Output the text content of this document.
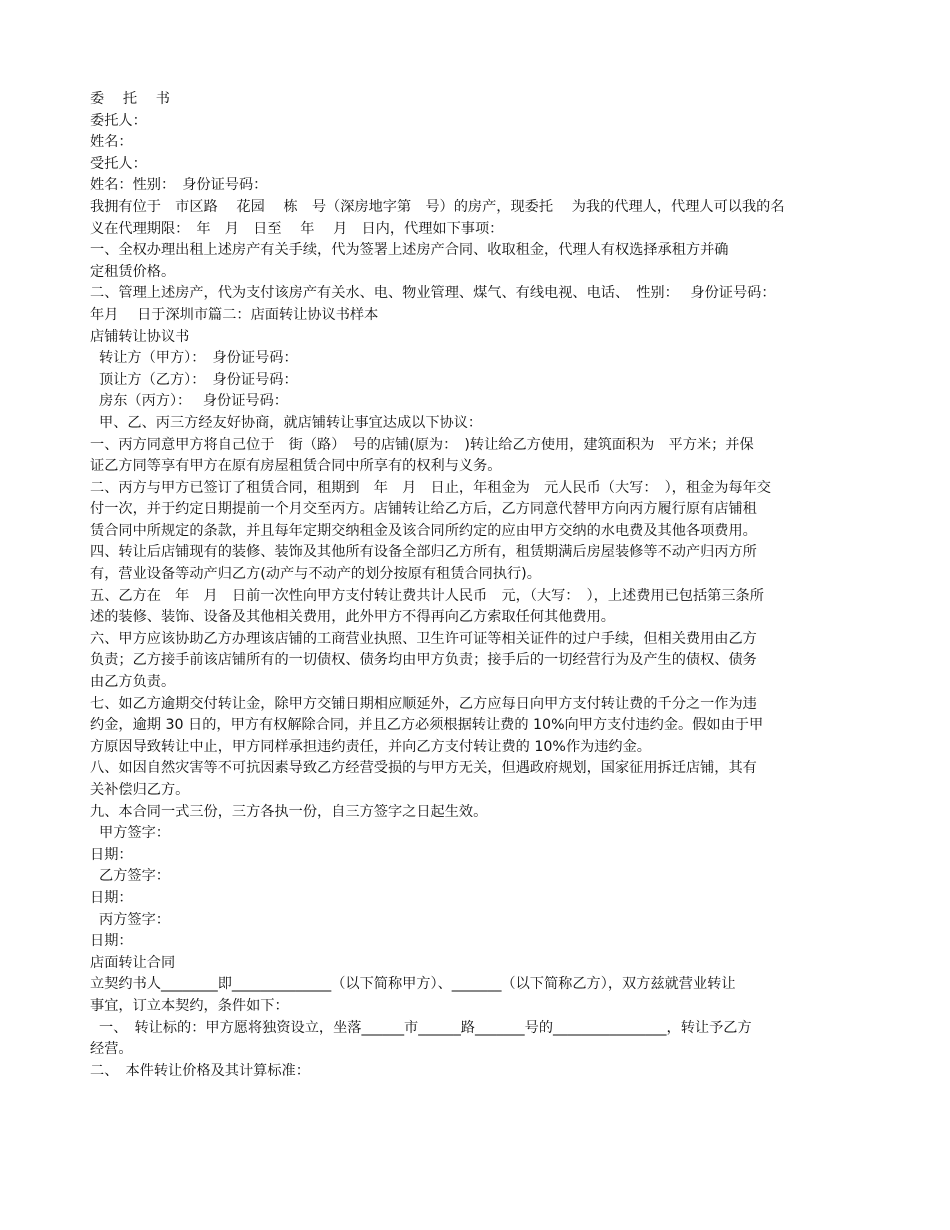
委　 托　 书
委托人：
姓名：
受托人：
姓名：性别：　身份证号码：
我拥有位于　市区路　 花园　 栋　号（深房地字第　号）的房产，现委托　 为我的代理人，代理人可以我的名
义在代理期限：　年　月　日至　 年　 月　日内，代理如下事项：
一、全权办理出租上述房产有关手续，代为签署上述房产合同、收取租金，代理人有权选择承租方并确
定租赁价格。
二、管理上述房产，代为支付该房产有关水、电、物业管理、煤气、有线电视、电话、　性别：　 身份证号码：
年月　 日于深圳市篇二：店面转让协议书样本
店铺转让协议书
转让方（甲方）：　身份证号码：
顶让方（乙方）：　身份证号码：
房东（丙方）：　 身份证号码：
甲、乙、丙三方经友好协商，就店铺转让事宜达成以下协议：
一、丙方同意甲方将自己位于　街（路）　号的店铺(原为：　)转让给乙方使用，建筑面积为　平方米；并保
证乙方同等享有甲方在原有房屋租赁合同中所享有的权利与义务。
二、丙方与甲方已签订了租赁合同，租期到　年　月　日止，年租金为　元人民币（大写：　），租金为每年交
付一次，并于约定日期提前一个月交至丙方。店铺转让给乙方后，乙方同意代替甲方向丙方履行原有店铺租
赁合同中所规定的条款，并且每年定期交纳租金及该合同所约定的应由甲方交纳的水电费及其他各项费用。
四、转让后店铺现有的装修、装饰及其他所有设备全部归乙方所有，租赁期满后房屋装修等不动产归丙方所
有，营业设备等动产归乙方(动产与不动产的划分按原有租赁合同执行)。
五、乙方在　年　月　日前一次性向甲方支付转让费共计人民币　元，（大写：　），上述费用已包括第三条所
述的装修、装饰、设备及其他相关费用，此外甲方不得再向乙方索取任何其他费用。
六、甲方应该协助乙方办理该店铺的工商营业执照、卫生许可证等相关证件的过户手续，但相关费用由乙方
负责；乙方接手前该店铺所有的一切债权、债务均由甲方负责；接手后的一切经营行为及产生的债权、债务
由乙方负责。
七、如乙方逾期交付转让金，除甲方交铺日期相应顺延外，乙方应每日向甲方支付转让费的千分之一作为违
约金，逾期 30 日的，甲方有权解除合同，并且乙方必须根据转让费的 10%向甲方支付违约金。假如由于甲
方原因导致转让中止，甲方同样承担违约责任，并向乙方支付转让费的 10%作为违约金。
八、如因自然灾害等不可抗因素导致乙方经营受损的与甲方无关，但遇政府规划，国家征用拆迁店铺，其有
关补偿归乙方。
九、本合同一式三份，三方各执一份，自三方签字之日起生效。
甲方签字：
日期：
乙方签字：
日期：
丙方签字：
日期：
店面转让合同
立契约书人________即______________（以下简称甲方）、_______（以下简称乙方），双方兹就营业转让
事宜，订立本契约，条件如下：
一、　转让标的：甲方愿将独资设立，坐落______市______路_______号的________________，转让予乙方
经营。
二、　本件转让价格及其计算标准：
